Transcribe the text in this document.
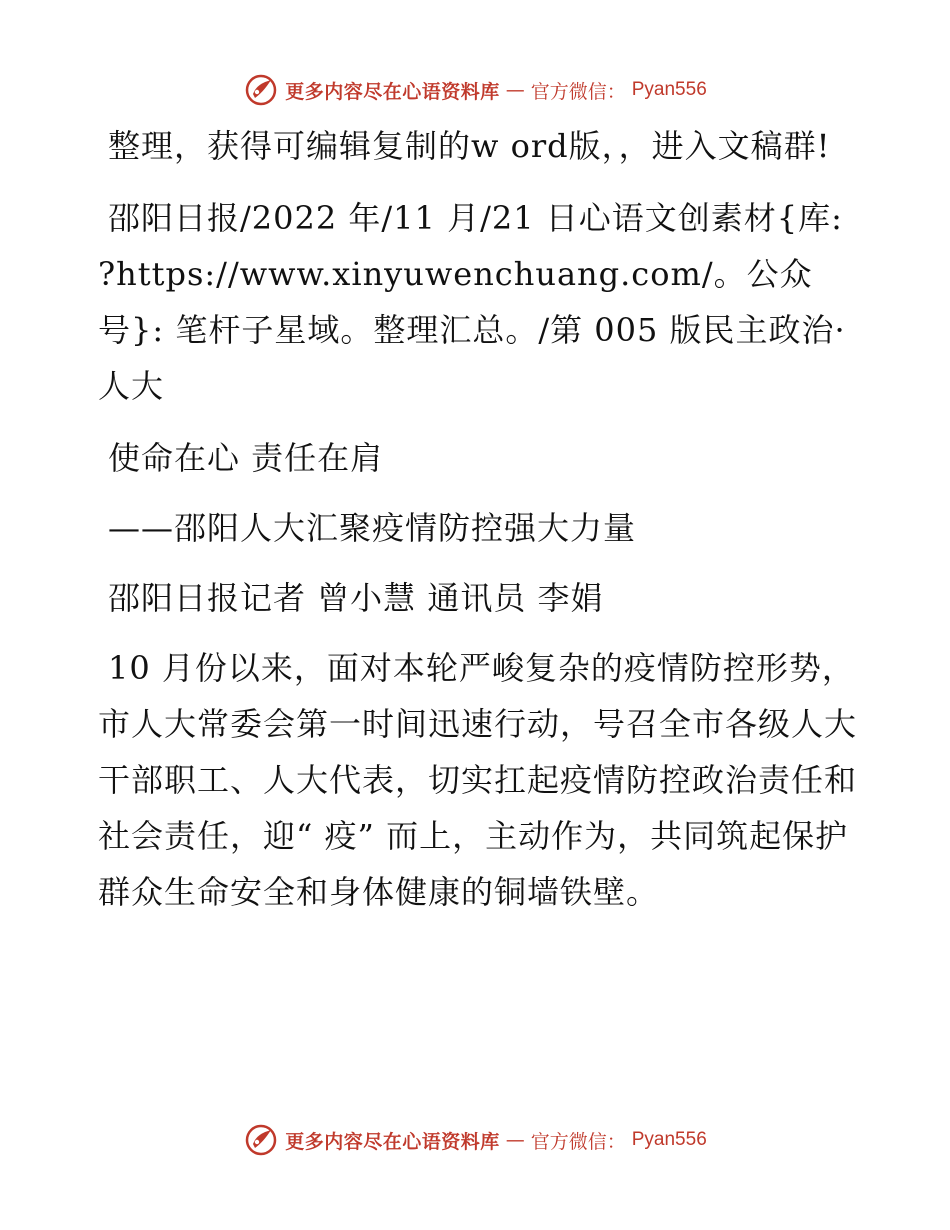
更多内容尽在心语资料库 — 官方微信： Pyan556

整理，获得可编辑复制的w ord版，，进入文稿群!

邵阳日报/2022 年/11 月/21 日心语文创素材{库: ?https://www.xinyuwenchuang.com/。公众号}: 笔杆子星域。整理汇总。/第 005 版民主政治· 人大

使命在心 责任在肩

——邵阳人大汇聚疫情防控强大力量

邵阳日报记者 曾小慧 通讯员 李娟

10 月份以来，面对本轮严峻复杂的疫情防控形势，市人大常委会第一时间迅速行动，号召全市各级人大干部职工、人大代表，切实扛起疫情防控政治责任和社会责任，迎“ 疫” 而上，主动作为，共同筑起保护群众生命安全和身体健康的铜墙铁壁。

更多内容尽在心语资料库 — 官方微信： Pyan556
